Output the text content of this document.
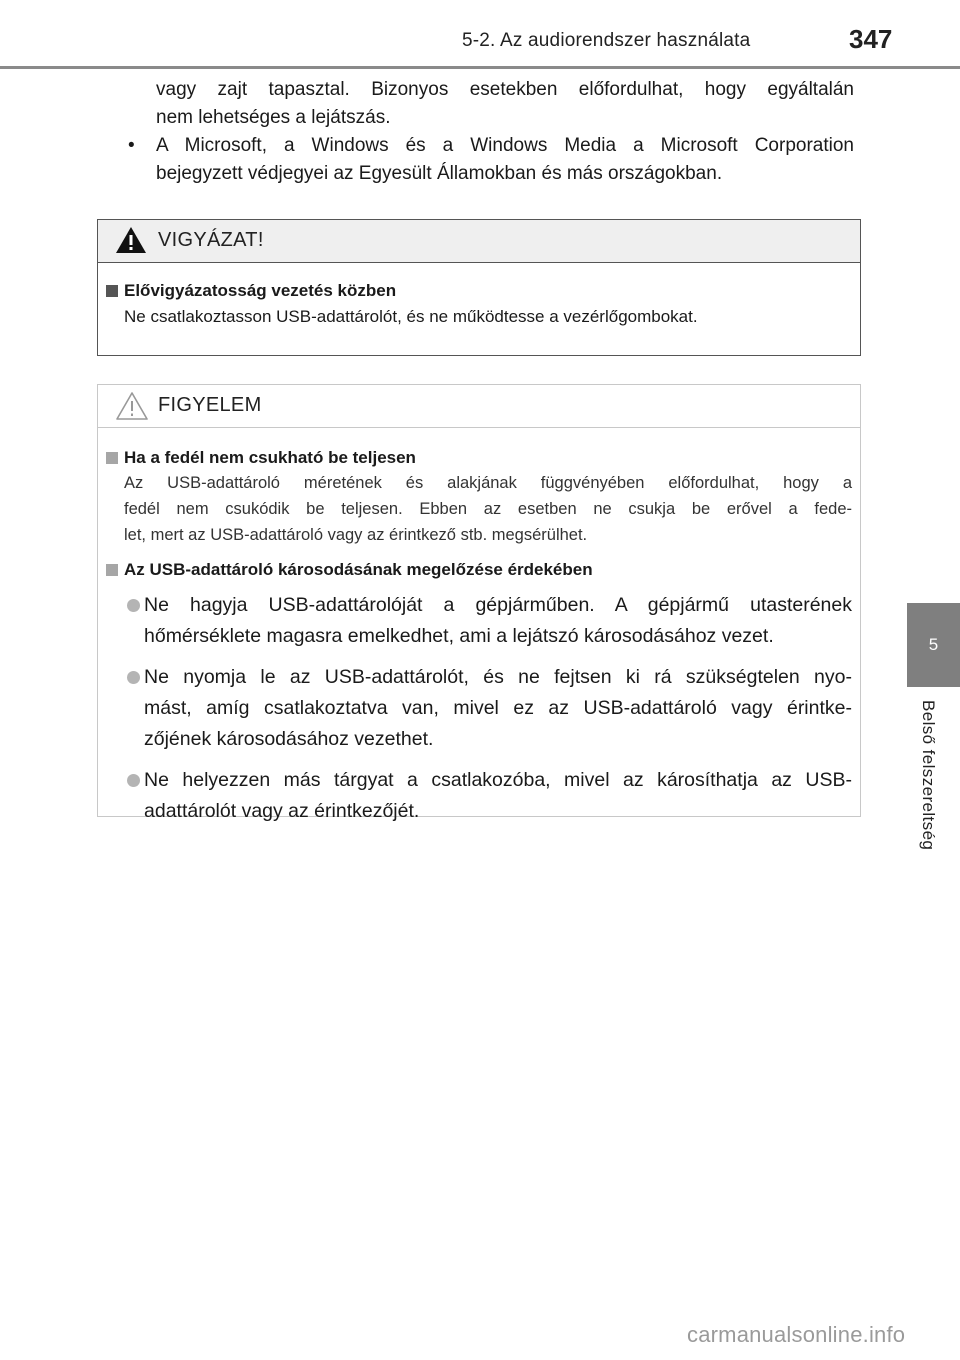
5-2. Az audiorendszer használata	347
5
Belső felszereltség

vagy zajt tapasztal. Bizonyos esetekben előfordulhat, hogy egyáltalán

nem lehetséges a lejátszás.

• A Microsoft, a Windows és a Windows Media a Microsoft Corporation

bejegyzett védjegyei az Egyesült Államokban és más országokban.

VIGYÁZAT!
Elővigyázatosság vezetés közben

Ne csatlakoztasson USB-adattárolót, és ne működtesse a vezérlőgombokat.

FIGYELEM
Ha a fedél nem csukható be teljesen

Az USB-adattároló méretének és alakjának függvényében előfordulhat, hogy a

fedél nem csukódik be teljesen. Ebben az esetben ne csukja be erővel a fede-

let, mert az USB-adattároló vagy az érintkező stb. megsérülhet.

Az USB-adattároló károsodásának megelőzése érdekében

Ne hagyja USB-adattárolóját a gépjárműben. A gépjármű utasterének

hőmérséklete magasra emelkedhet, ami a lejátszó károsodásához vezet.

Ne nyomja le az USB-adattárolót, és ne fejtsen ki rá szükségtelen nyo-

mást, amíg csatlakoztatva van, mivel ez az USB-adattároló vagy érintke-

zőjének károsodásához vezethet.

Ne helyezzen más tárgyat a csatlakozóba, mivel az károsíthatja az USB-

adattárolót vagy az érintkezőjét.

carmanualsonline.info
